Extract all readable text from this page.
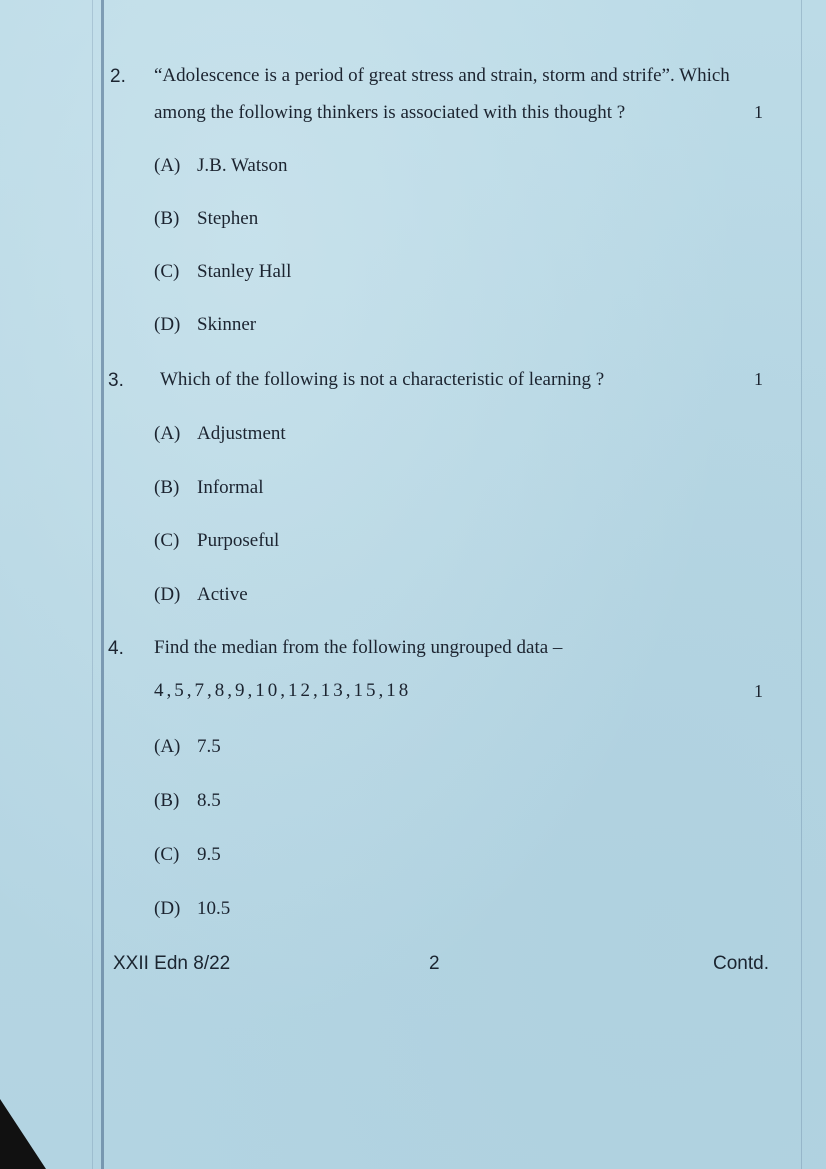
2. “Adolescence is a period of great stress and strain, storm and strife”. Which
among the following thinkers is associated with this thought ?	1
(A) J.B. Watson
(B) Stephen
(C) Stanley Hall
(D) Skinner
3. Which of the following is not a characteristic of learning ?	1
(A) Adjustment
(B) Informal
(C) Purposeful
(D) Active
4. Find the median from the following ungrouped data –
4,5,7,8,9,10,12,13,15,18	1
(A) 7.5
(B) 8.5
(C) 9.5
(D) 10.5
XXII Edn 8/22	2	Contd.
